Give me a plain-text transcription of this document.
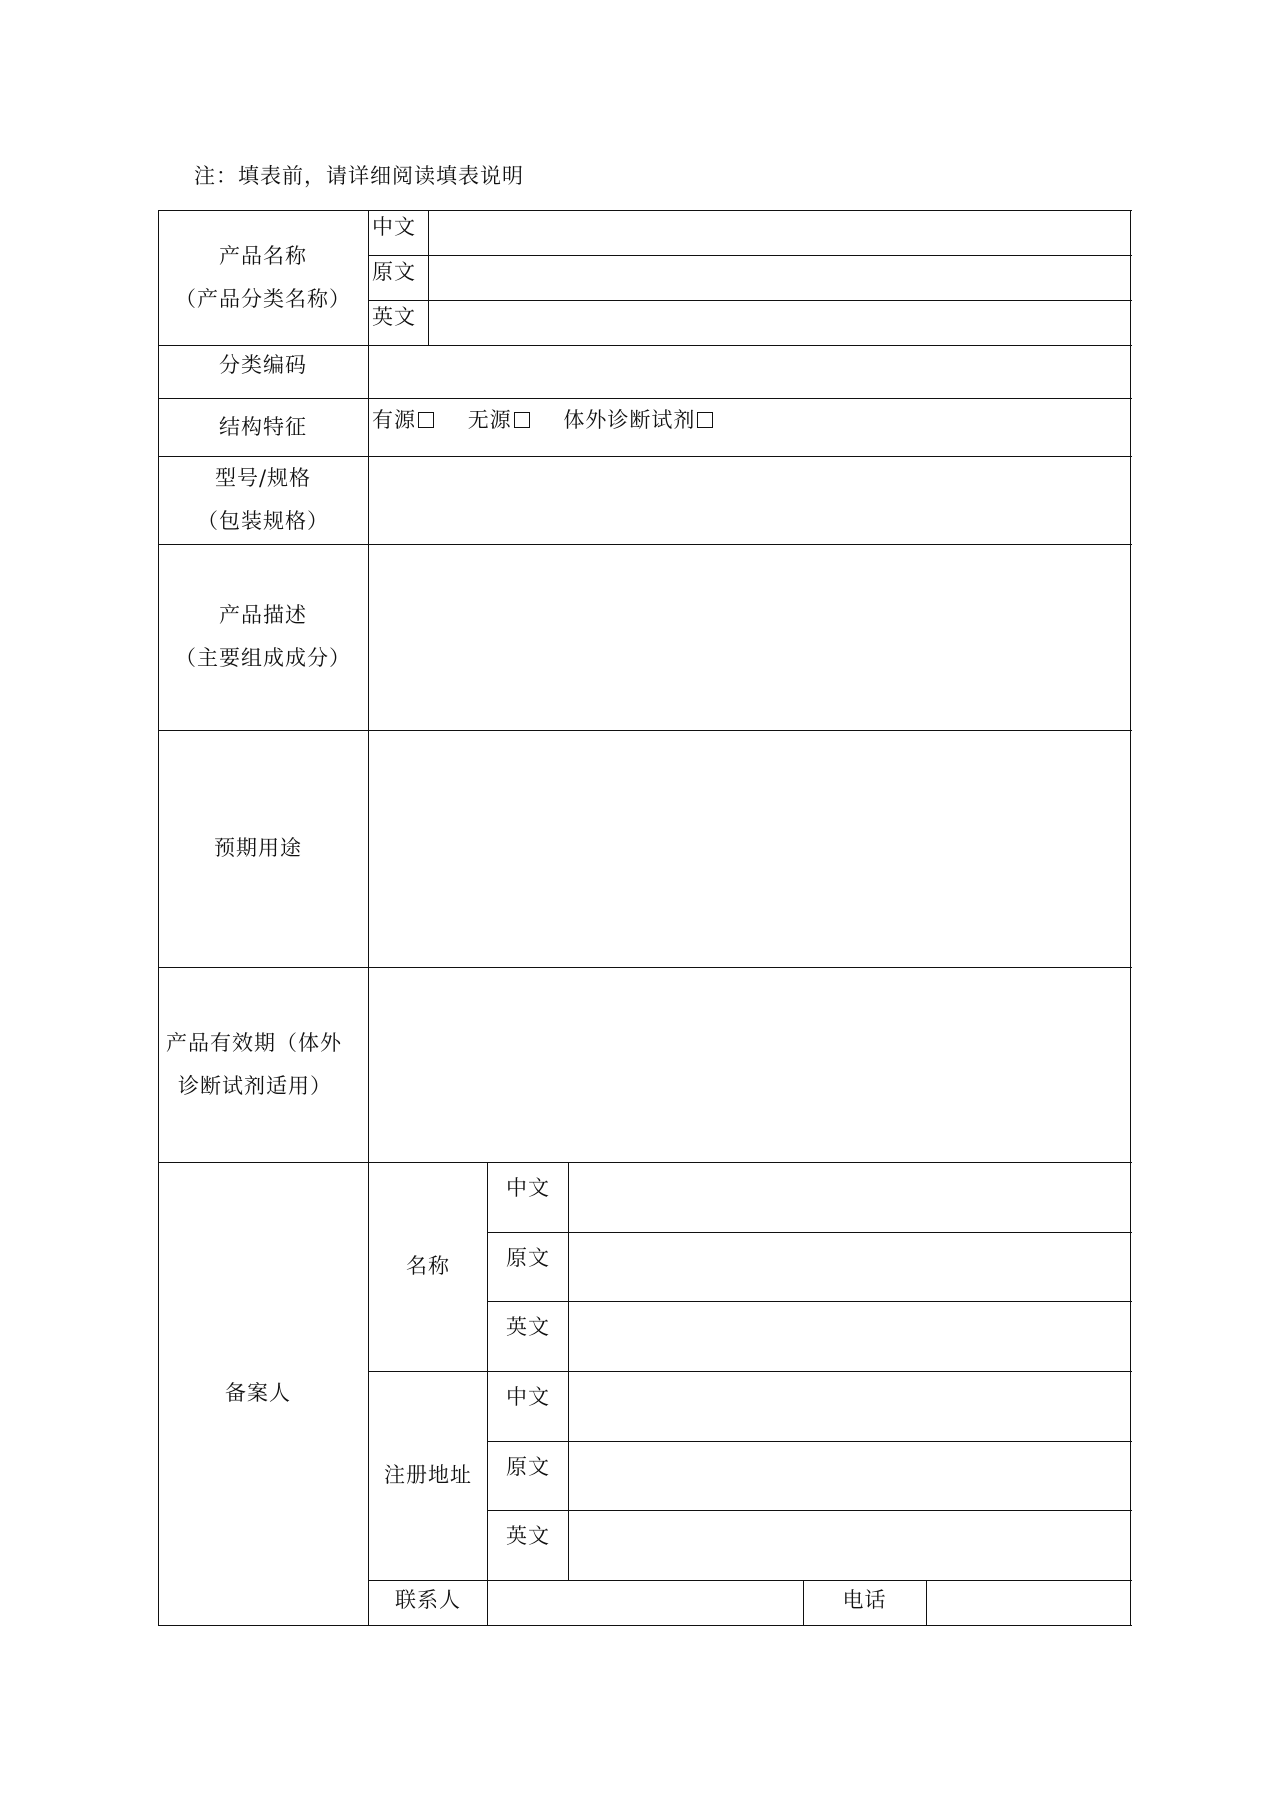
注：填表前，请详细阅读填表说明
产品名称
（产品分类名称）
中文
原文
英文
分类编码
结构特征	有源 无源 体外诊断试剂
型号/规格
（包装规格）
产品描述
（主要组成成分）
预期用途
产品有效期（体外
诊断试剂适用）
备案人
名称
中文
原文
英文
注册地址
中文
原文
英文
联系人	电话
